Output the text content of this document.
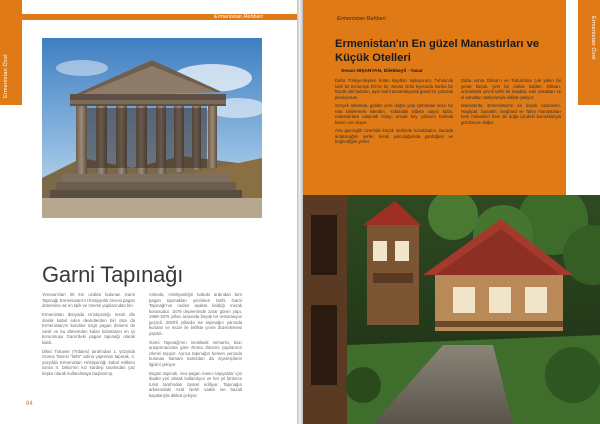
Ermenistan Özel
Ermenistan Rehberi
Garni Tapınağı

Yerevan'dan 30 km uzakta bulunan Garni Tapınağı Ermenistan'ın Hristiyanlık öncesi pagan dönemine ait en tipik ve önemli yapılarından biri.

Ermenistan dünyada Hristiyanlığı resmi din olarak kabul eden devletlerden biri olsa da Ermenistan'ın kendine özgü pagan dönemi de vardı ve bu dönemden kalan kalıntıların en iyi korunmuşu Garni'deki pagan tapınağı olarak kaldı.

Dikici Tukaser (Trdates) tarafından 1. yüzyılda Güneş Tanrısı "Mihr" adına yaptırılan tapınak, 4. yüzyılda Ermenistan Hristiyanlığı kabul ettikten sonra II. Dikici'nin kız kardeşi tarafından yaz köşkü olarak kullanılmaya başlanmış.

Aslında, Hristiyanlığın kabulü ardından tüm pagan tapınakları yıkılırken tarihi Garni Tapınağı'nın neden ayakta kaldığı merak konusudur. 1679 depreminde zarar gören yapı, 1969-1975 yılları arasında büyük bir restorasyon geçirdi. 2000'li yıllarda ise tapınağın yanında kurulan ve müze ile birlikte çevre düzenlemesi yapıldı.

Garni Tapınağı'nın neoklasik mimarisi, bazı araştırmacılara göre Roma dönemi yapılarının izlerini taşıyor. Ayrıca tapınağın hemen yanında bulunan hamam kalıntıları da ziyaretçilerin ilgisini çekiyor.

Bugün tapınak, neo-pagan inancı taşıyanlar için ibadet yeri olarak kullanılıyor ve her yıl binlerce turist tarafından ziyaret ediliyor. Tapınağın arkasındaki Azat Nehri vadisi ise bazalt kayalarıyla dikkat çekiyor.

84
Ermenistan Rehberi
Ermenistan'ın En güzel Manastırları ve Küçük Otelleri
Sevan NIŞANYAN, Dilekbeyli - Yazar

Daha Türkiye'deyken bütün kayıtları topluyorum, Tuhulu'da tahli bir Ermeniye Eri'ne bir, Sevan Gölü kıyısında harika bir küçük otel buldum, aynı tarihi tamamlayarak güzel bir yolculuk planlıyorum.

Gerçek anlamda, gidilen yere doğru yola çıkmadan önce bir rota belirlemek isterdim. Yollardaki tabela sayısı fazla, manastırlara ulaşmak kolay; ancak köy yollarını bulmak bazen zor oluyor.

Ana güzergâh üzerinde küçük otellerde konakladım. Burada anlatacağım yerler, kendi yolculuğumda gördüğüm ve beğendiğim yerler.

Daha sonra Dilican'ı ve Tuhulu'dan çok yakın bir yerde küçük, şirin bir otelde kaldım. Dilican, ormanlarla çevrili tarihi bir kasaba; eski sokakları ve el sanatları atölyeleriyle dikkat çekiyor.

Manastırlar, Ermenistan'ın en büyük hazineleri. Haghpat, Sanahin, Geghard ve Tatev manastırları hem mimarileri hem de doğa içindeki konumlarıyla görülmeye değer.

Ermenistan Özel
